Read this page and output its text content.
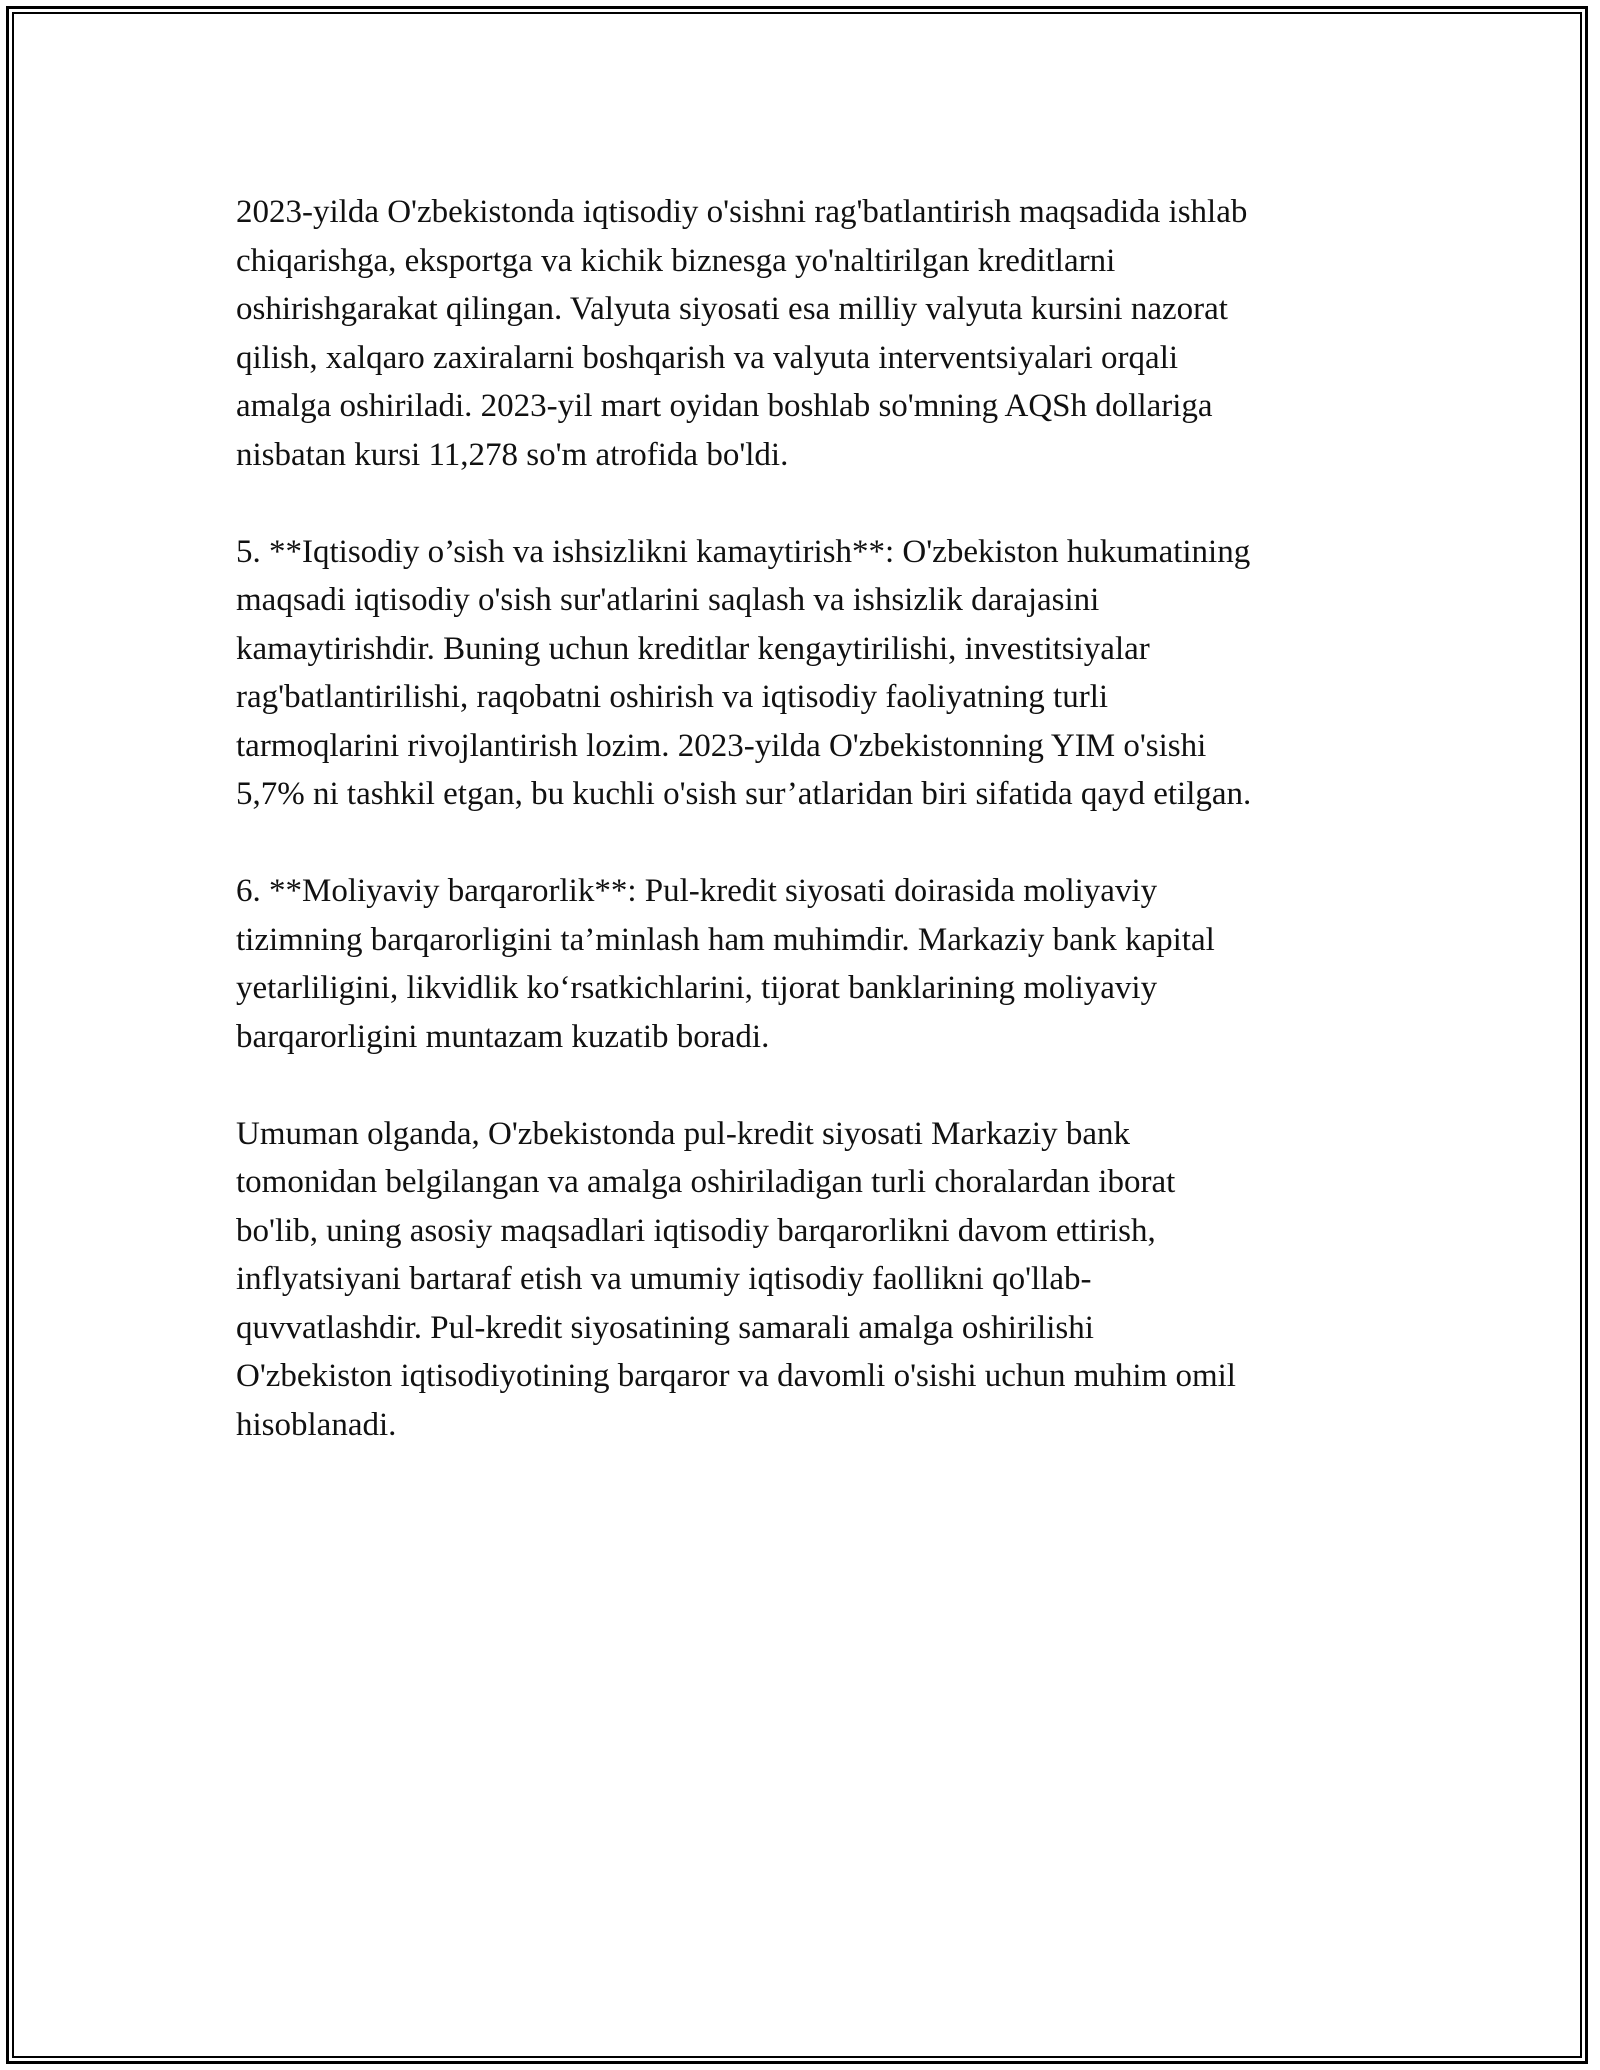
2023-yilda O'zbekistonda iqtisodiy o'sishni rag'batlantirish maqsadida ishlab
chiqarishga, eksportga va kichik biznesga yo'naltirilgan kreditlarni
oshirishgarakat qilingan. Valyuta siyosati esa milliy valyuta kursini nazorat
qilish, xalqaro zaxiralarni boshqarish va valyuta interventsiyalari orqali
amalga oshiriladi. 2023-yil mart oyidan boshlab so'mning AQSh dollariga
nisbatan kursi 11,278 so'm atrofida bo'ldi.

5. **Iqtisodiy o’sish va ishsizlikni kamaytirish**: O'zbekiston hukumatining
maqsadi iqtisodiy o'sish sur'atlarini saqlash va ishsizlik darajasini
kamaytirishdir. Buning uchun kreditlar kengaytirilishi, investitsiyalar
rag'batlantirilishi, raqobatni oshirish va iqtisodiy faoliyatning turli
tarmoqlarini rivojlantirish lozim. 2023-yilda O'zbekistonning YIM o'sishi
5,7% ni tashkil etgan, bu kuchli o'sish sur’atlaridan biri sifatida qayd etilgan.

6. **Moliyaviy barqarorlik**: Pul-kredit siyosati doirasida moliyaviy
tizimning barqarorligini ta’minlash ham muhimdir. Markaziy bank kapital
yetarliligini, likvidlik ko‘rsatkichlarini, tijorat banklarining moliyaviy
barqarorligini muntazam kuzatib boradi.

Umuman olganda, O'zbekistonda pul-kredit siyosati Markaziy bank
tomonidan belgilangan va amalga oshiriladigan turli choralardan iborat
bo'lib, uning asosiy maqsadlari iqtisodiy barqarorlikni davom ettirish,
inflyatsiyani bartaraf etish va umumiy iqtisodiy faollikni qo'llab-
quvvatlashdir. Pul-kredit siyosatining samarali amalga oshirilishi
O'zbekiston iqtisodiyotining barqaror va davomli o'sishi uchun muhim omil
hisoblanadi.
